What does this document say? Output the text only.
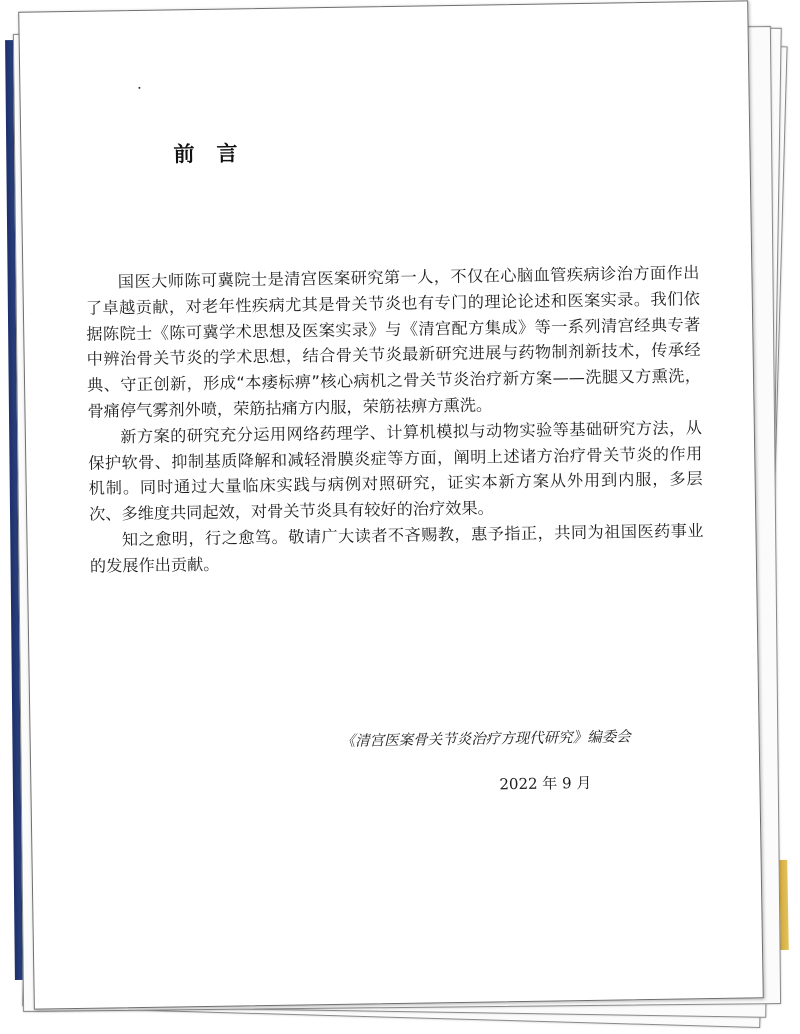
前言

国医大师陈可冀院士是清宫医案研究第一人，不仅在心脑血管疾病诊治方面作出了卓越贡献，对老年性疾病尤其是骨关节炎也有专门的理论论述和医案实录。我们依据陈院士《陈可冀学术思想及医案实录》与《清宫配方集成》等一系列清宫经典专著中辨治骨关节炎的学术思想，结合骨关节炎最新研究进展与药物制剂新技术，传承经典、守正创新，形成“本痿标痹”核心病机之骨关节炎治疗新方案——洗腿又方熏洗，骨痛停气雾剂外喷，荣筋拈痛方内服，荣筋祛痹方熏洗。

新方案的研究充分运用网络药理学、计算机模拟与动物实验等基础研究方法，从保护软骨、抑制基质降解和减轻滑膜炎症等方面，阐明上述诸方治疗骨关节炎的作用机制。同时通过大量临床实践与病例对照研究，证实本新方案从外用到内服，多层次、多维度共同起效，对骨关节炎具有较好的治疗效果。

知之愈明，行之愈笃。敬请广大读者不吝赐教，惠予指正，共同为祖国医药事业的发展作出贡献。

《清宫医案骨关节炎治疗方现代研究》编委会
2022 年 9 月
